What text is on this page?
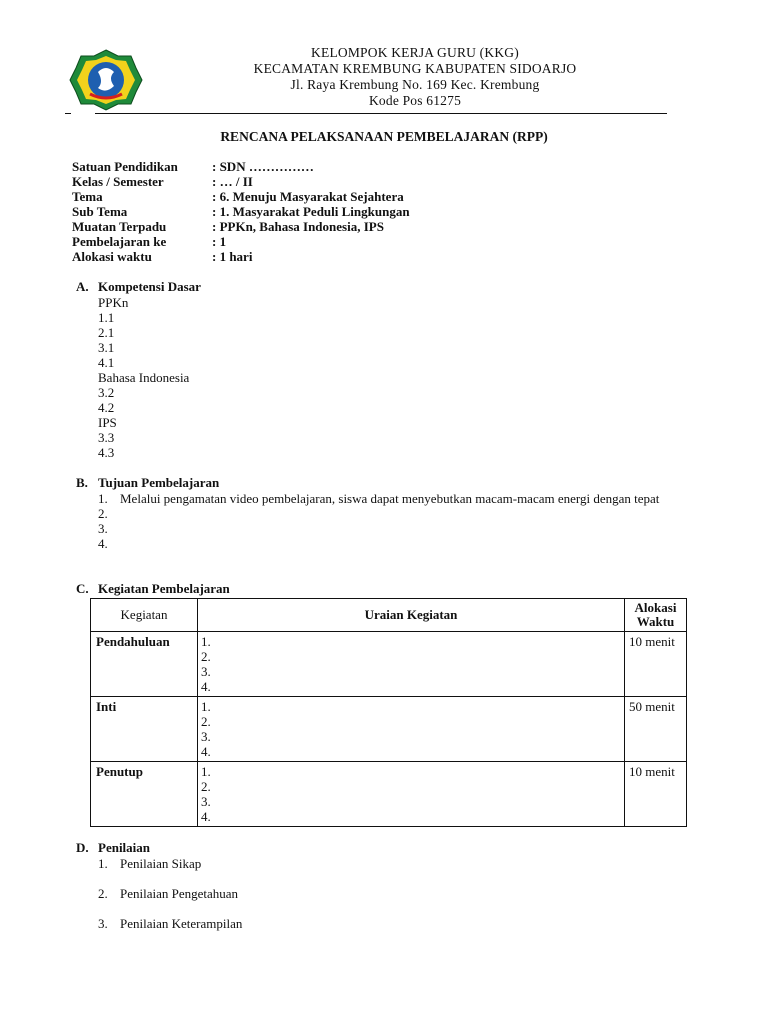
KELOMPOK KERJA GURU (KKG)
KECAMATAN KREMBUNG KABUPATEN SIDOARJO
Jl. Raya Krembung No. 169 Kec. Krembung
Kode Pos 61275
RENCANA PELAKSANAAN PEMBELAJARAN (RPP)
Satuan Pendidikan	: SDN ……………
Kelas / Semester	: … / II
Tema	: 6. Menuju Masyarakat Sejahtera
Sub Tema	: 1. Masyarakat Peduli Lingkungan
Muatan Terpadu	: PPKn, Bahasa Indonesia, IPS
Pembelajaran ke	: 1
Alokasi waktu	: 1 hari
A. Kompetensi Dasar
PPKn
1.1
2.1
3.1
4.1
Bahasa Indonesia
3.2
4.2
IPS
3.3
4.3
B. Tujuan Pembelajaran
1. Melalui pengamatan video pembelajaran, siswa dapat menyebutkan macam-macam energi dengan tepat
2.
3.
4.
C. Kegiatan Pembelajaran
Kegiatan	Uraian Kegiatan	Alokasi Waktu
Pendahuluan	1.
2.
3.
4.	10 menit
Inti	1.
2.
3.
4.	50 menit
Penutup	1.
2.
3.
4.	10 menit
D. Penilaian
1. Penilaian Sikap
2. Penilaian Pengetahuan
3. Penilaian Keterampilan
